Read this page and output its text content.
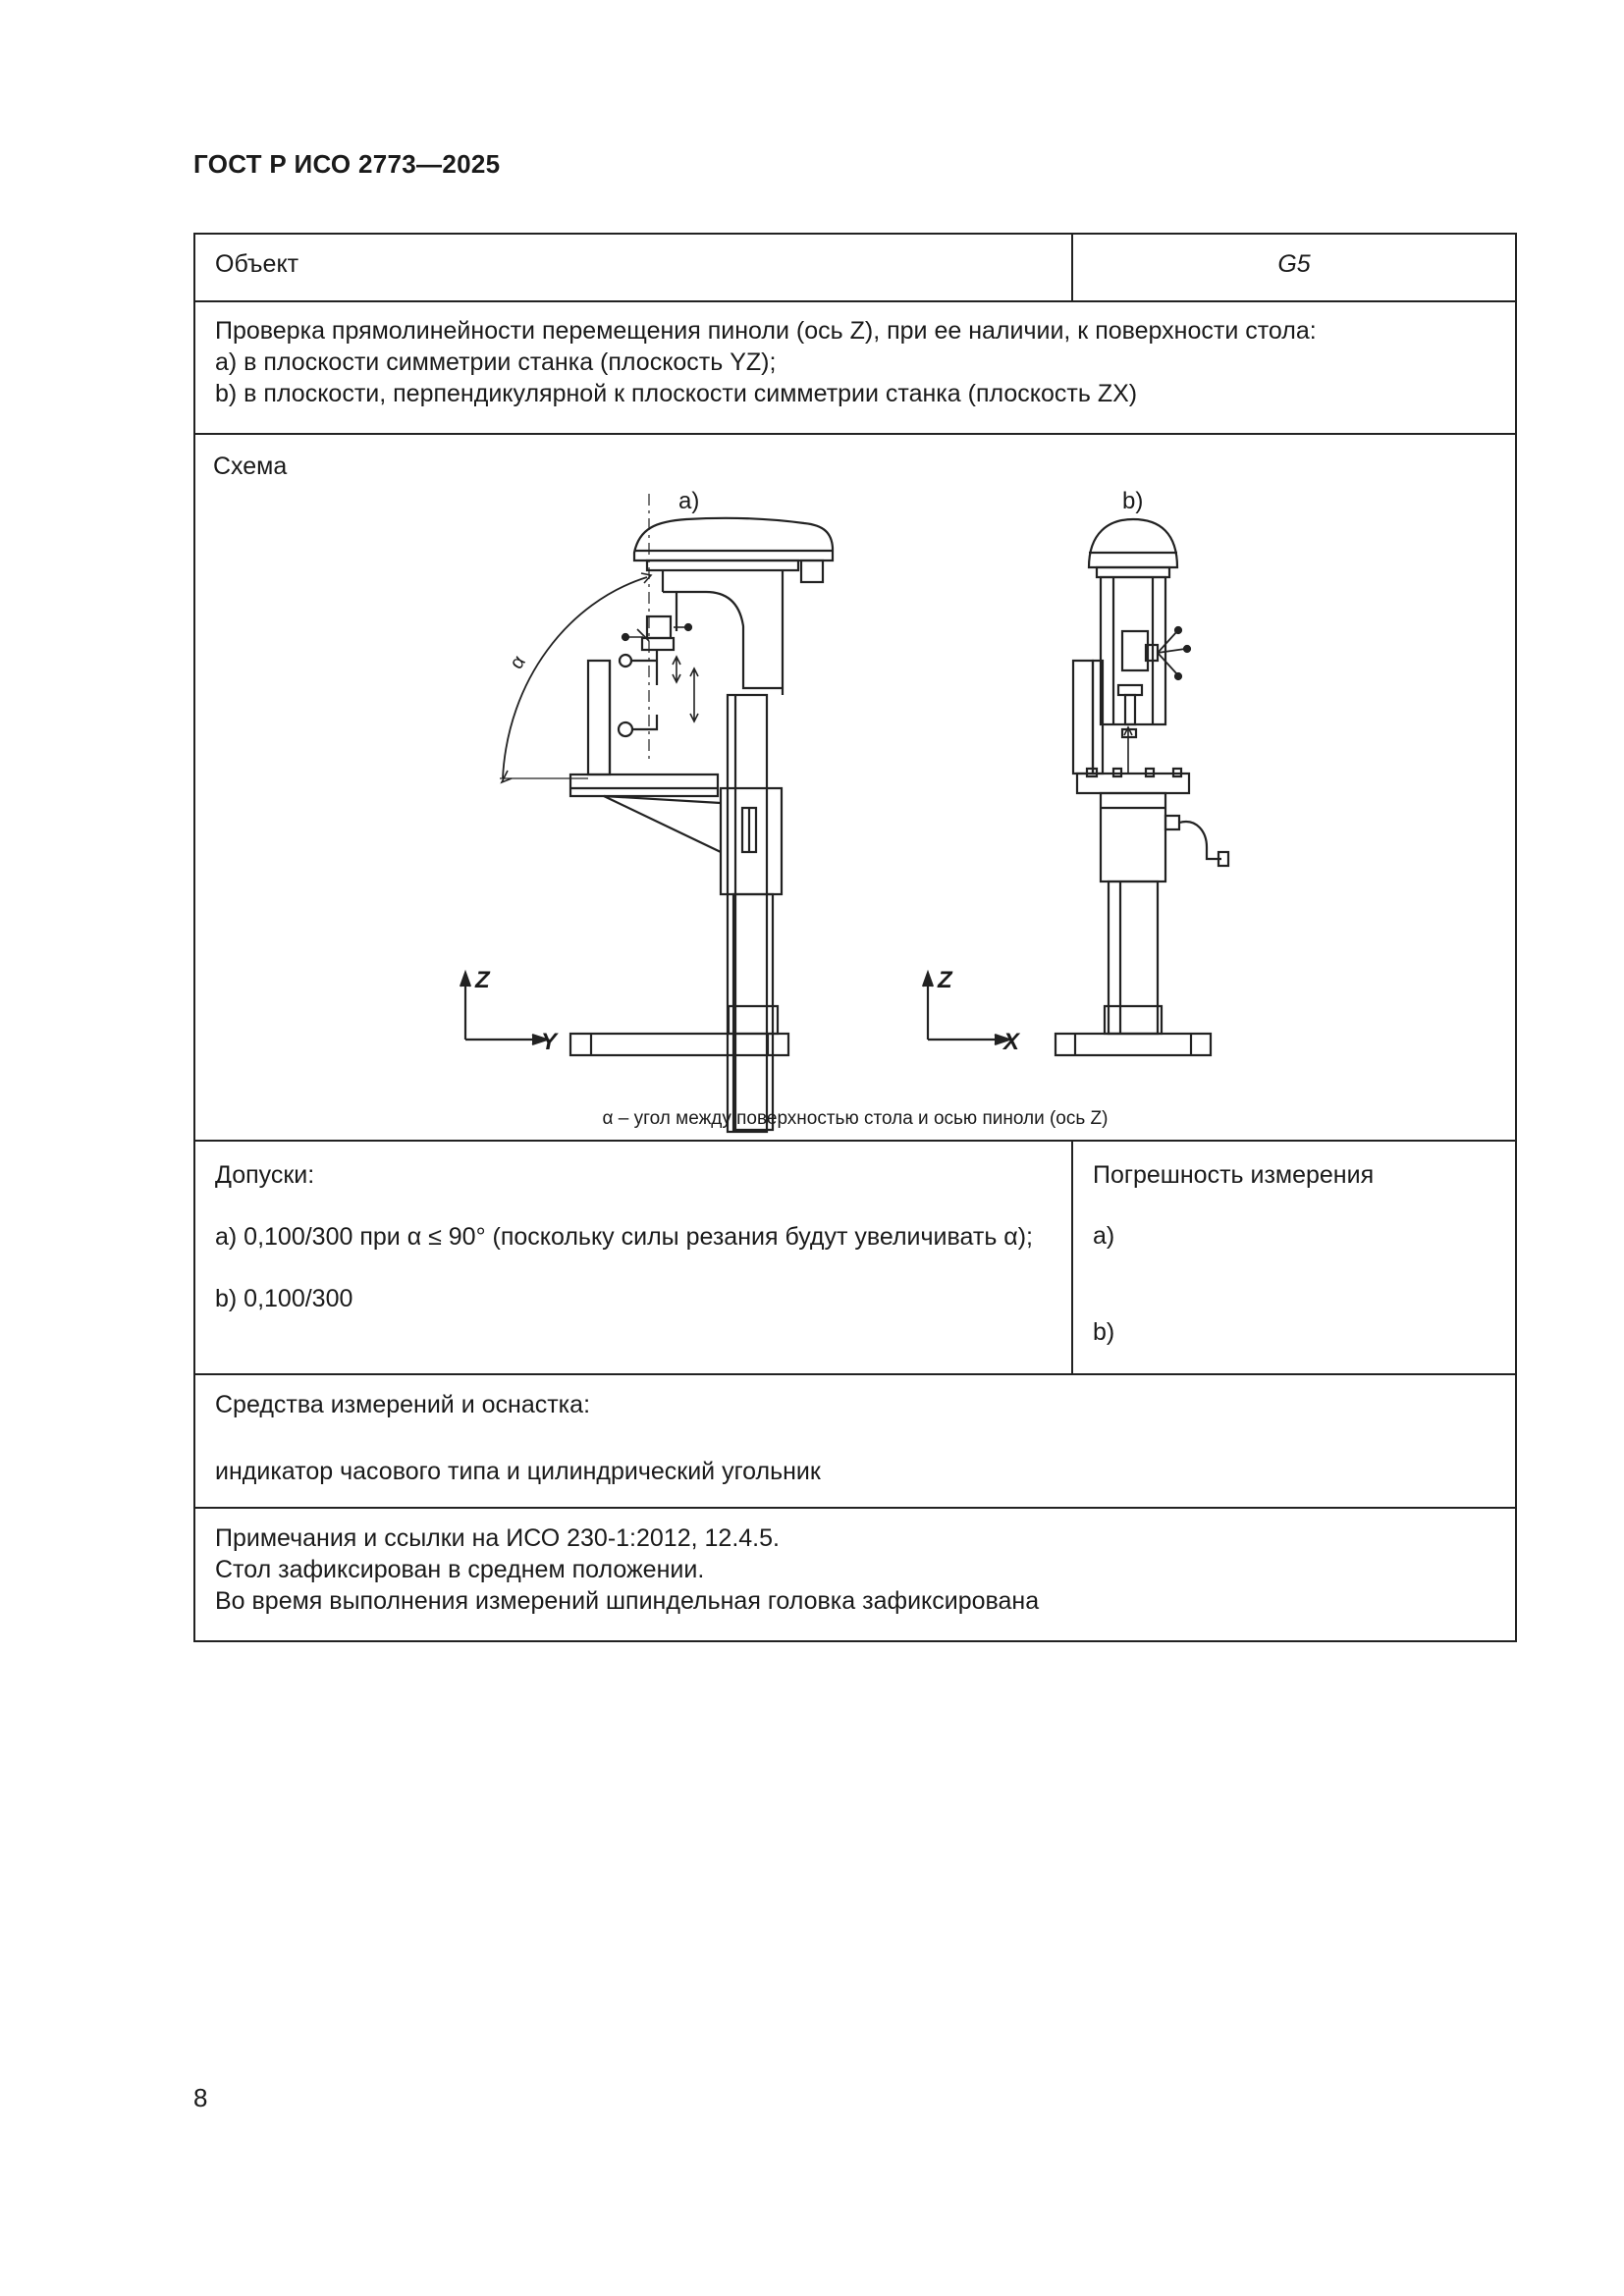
ГОСТ Р ИСО 2773—2025
Объект	G5
Проверка прямолинейности перемещения пиноли (ось Z), при ее наличии, к поверхности стола:
a) в плоскости симметрии станка (плоскость YZ);
b) в плоскости, перпендикулярной к плоскости симметрии станка (плоскость ZX)
Схема
a)	b)
α
Z
Y
Z
X
α – угол между поверхностью стола и осью пиноли (ось Z)
Допуски:
a) 0,100/300 при α ≤ 90° (поскольку силы резания будут увеличивать α);
b) 0,100/300
Погрешность измерения
a)
b)
Средства измерений и оснастка:
индикатор часового типа и цилиндрический угольник
Примечания и ссылки на ИСО 230-1:2012, 12.4.5.
Стол зафиксирован в среднем положении.
Во время выполнения измерений шпиндельная головка зафиксирована
8
